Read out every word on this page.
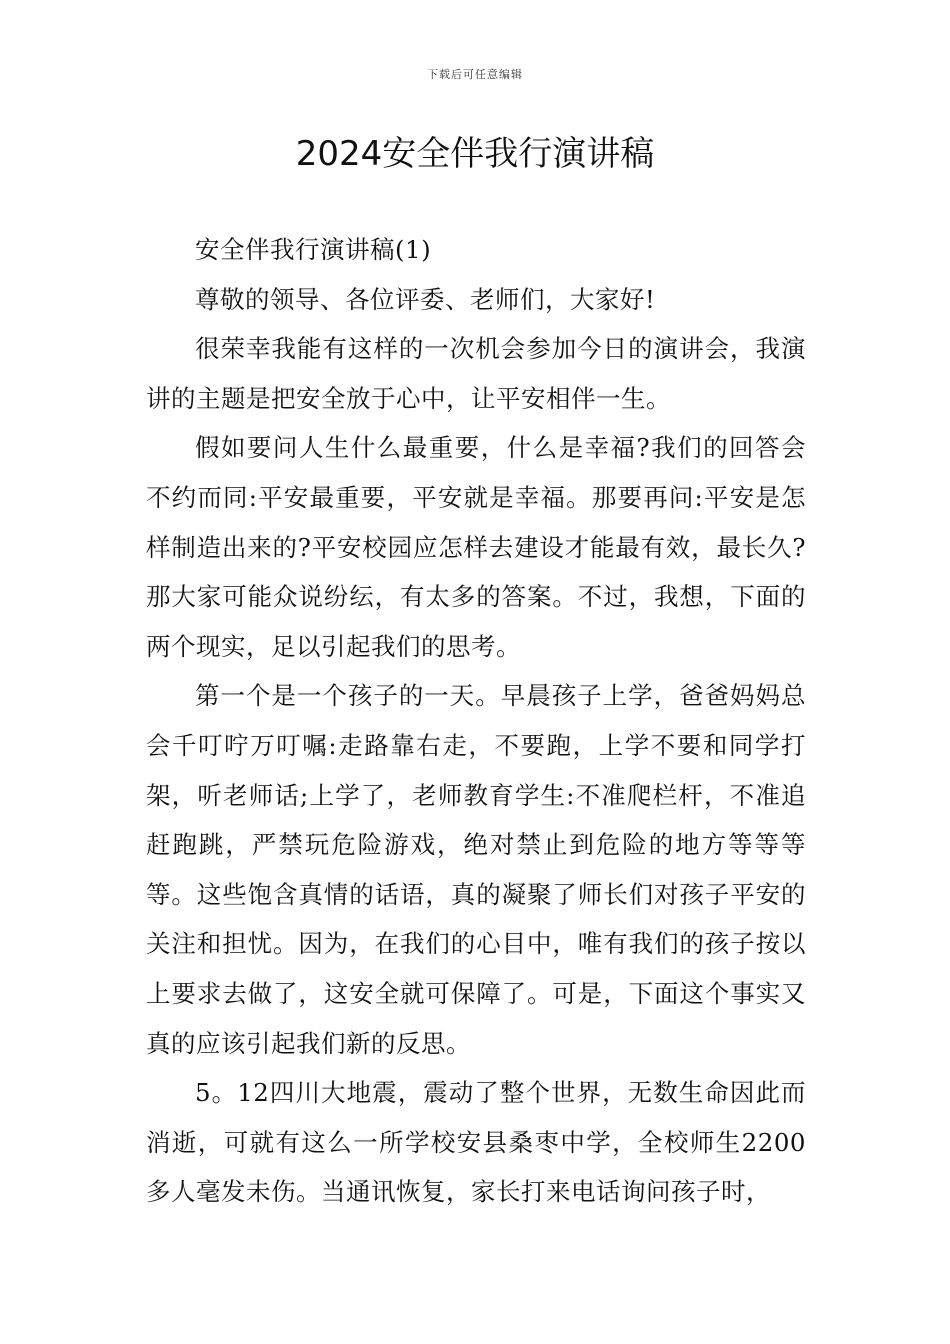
下载后可任意编辑
2024安全伴我行演讲稿

安全伴我行演讲稿(1)

尊敬的领导、各位评委、老师们，大家好!

很荣幸我能有这样的一次机会参加今日的演讲会，我演讲的主题是把安全放于心中，让平安相伴一生。

假如要问人生什么最重要，什么是幸福?我们的回答会不约而同:平安最重要，平安就是幸福。那要再问:平安是怎样制造出来的?平安校园应怎样去建设才能最有效，最长久?那大家可能众说纷纭，有太多的答案。不过，我想，下面的两个现实，足以引起我们的思考。

第一个是一个孩子的一天。早晨孩子上学，爸爸妈妈总会千叮咛万叮嘱:走路靠右走，不要跑，上学不要和同学打架，听老师话;上学了，老师教育学生:不准爬栏杆，不准追赶跑跳，严禁玩危险游戏，绝对禁止到危险的地方等等等等。这些饱含真情的话语，真的凝聚了师长们对孩子平安的关注和担忧。因为，在我们的心目中，唯有我们的孩子按以上要求去做了，这安全就可保障了。可是，下面这个事实又真的应该引起我们新的反思。

5。12四川大地震，震动了整个世界，无数生命因此而消逝，可就有这么一所学校安县桑枣中学，全校师生2200多人毫发未伤。当通讯恢复，家长打来电话询问孩子时，
